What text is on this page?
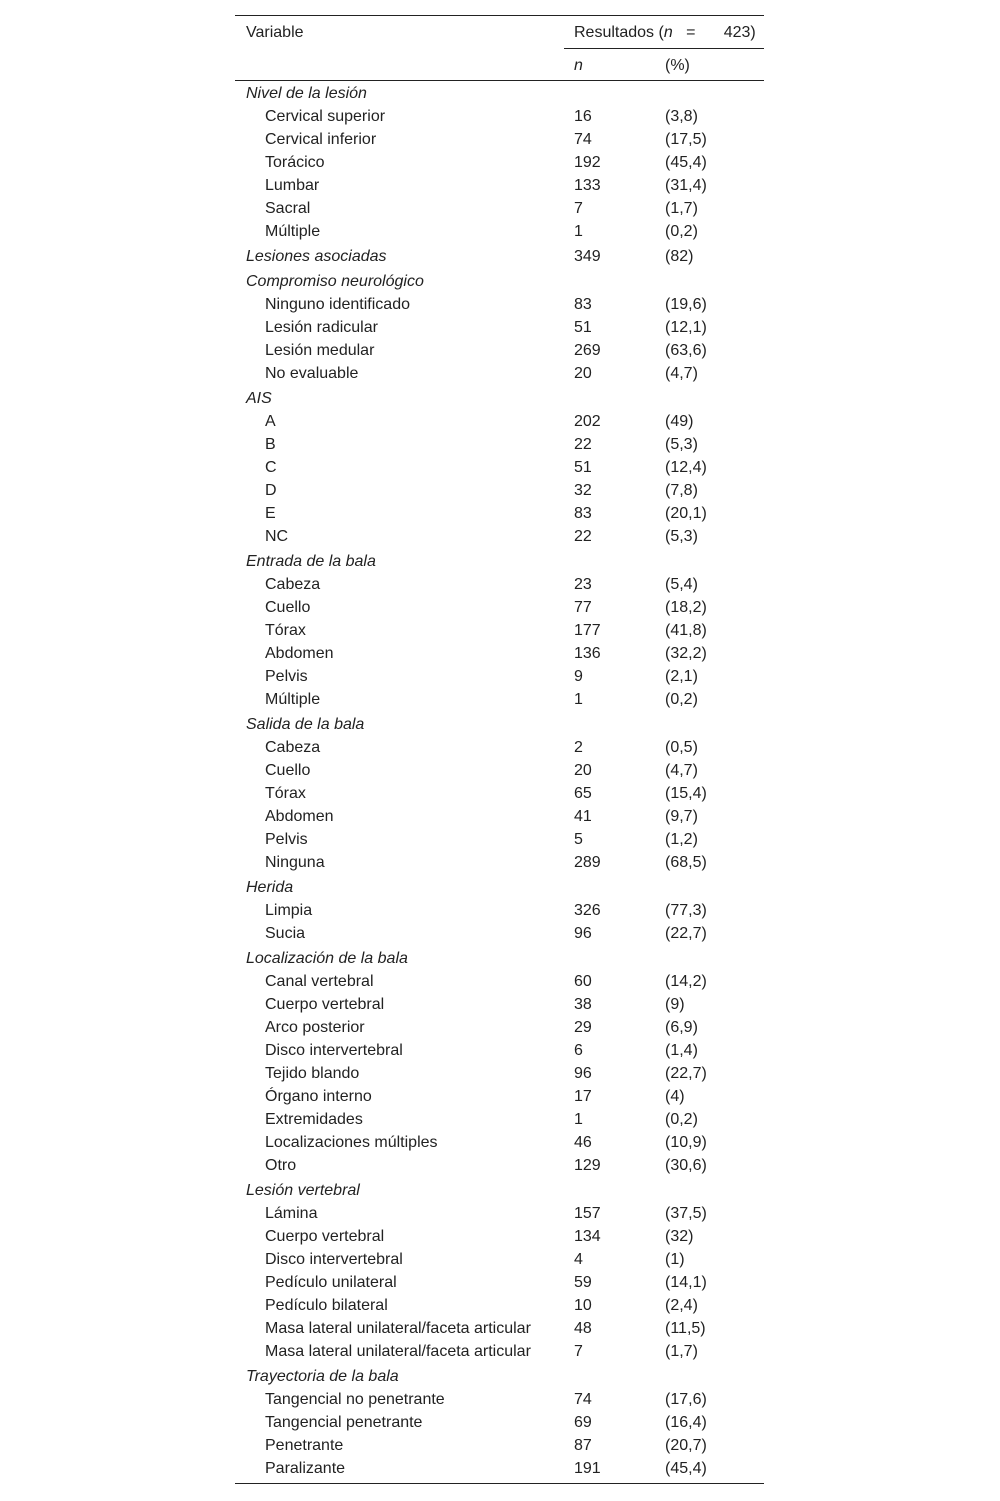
Variable	Resultados (n = 423)
n	(%)
Nivel de la lesión
Cervical superior	16	(3,8)
Cervical inferior	74	(17,5)
Torácico	192	(45,4)
Lumbar	133	(31,4)
Sacral	7	(1,7)
Múltiple	1	(0,2)
Lesiones asociadas	349	(82)
Compromiso neurológico
Ninguno identificado	83	(19,6)
Lesión radicular	51	(12,1)
Lesión medular	269	(63,6)
No evaluable	20	(4,7)
AIS
A	202	(49)
B	22	(5,3)
C	51	(12,4)
D	32	(7,8)
E	83	(20,1)
NC	22	(5,3)
Entrada de la bala
Cabeza	23	(5,4)
Cuello	77	(18,2)
Tórax	177	(41,8)
Abdomen	136	(32,2)
Pelvis	9	(2,1)
Múltiple	1	(0,2)
Salida de la bala
Cabeza	2	(0,5)
Cuello	20	(4,7)
Tórax	65	(15,4)
Abdomen	41	(9,7)
Pelvis	5	(1,2)
Ninguna	289	(68,5)
Herida
Limpia	326	(77,3)
Sucia	96	(22,7)
Localización de la bala
Canal vertebral	60	(14,2)
Cuerpo vertebral	38	(9)
Arco posterior	29	(6,9)
Disco intervertebral	6	(1,4)
Tejido blando	96	(22,7)
Órgano interno	17	(4)
Extremidades	1	(0,2)
Localizaciones múltiples	46	(10,9)
Otro	129	(30,6)
Lesión vertebral
Lámina	157	(37,5)
Cuerpo vertebral	134	(32)
Disco intervertebral	4	(1)
Pedículo unilateral	59	(14,1)
Pedículo bilateral	10	(2,4)
Masa lateral unilateral/faceta articular	48	(11,5)
Masa lateral unilateral/faceta articular	7	(1,7)
Trayectoria de la bala
Tangencial no penetrante	74	(17,6)
Tangencial penetrante	69	(16,4)
Penetrante	87	(20,7)
Paralizante	191	(45,4)
